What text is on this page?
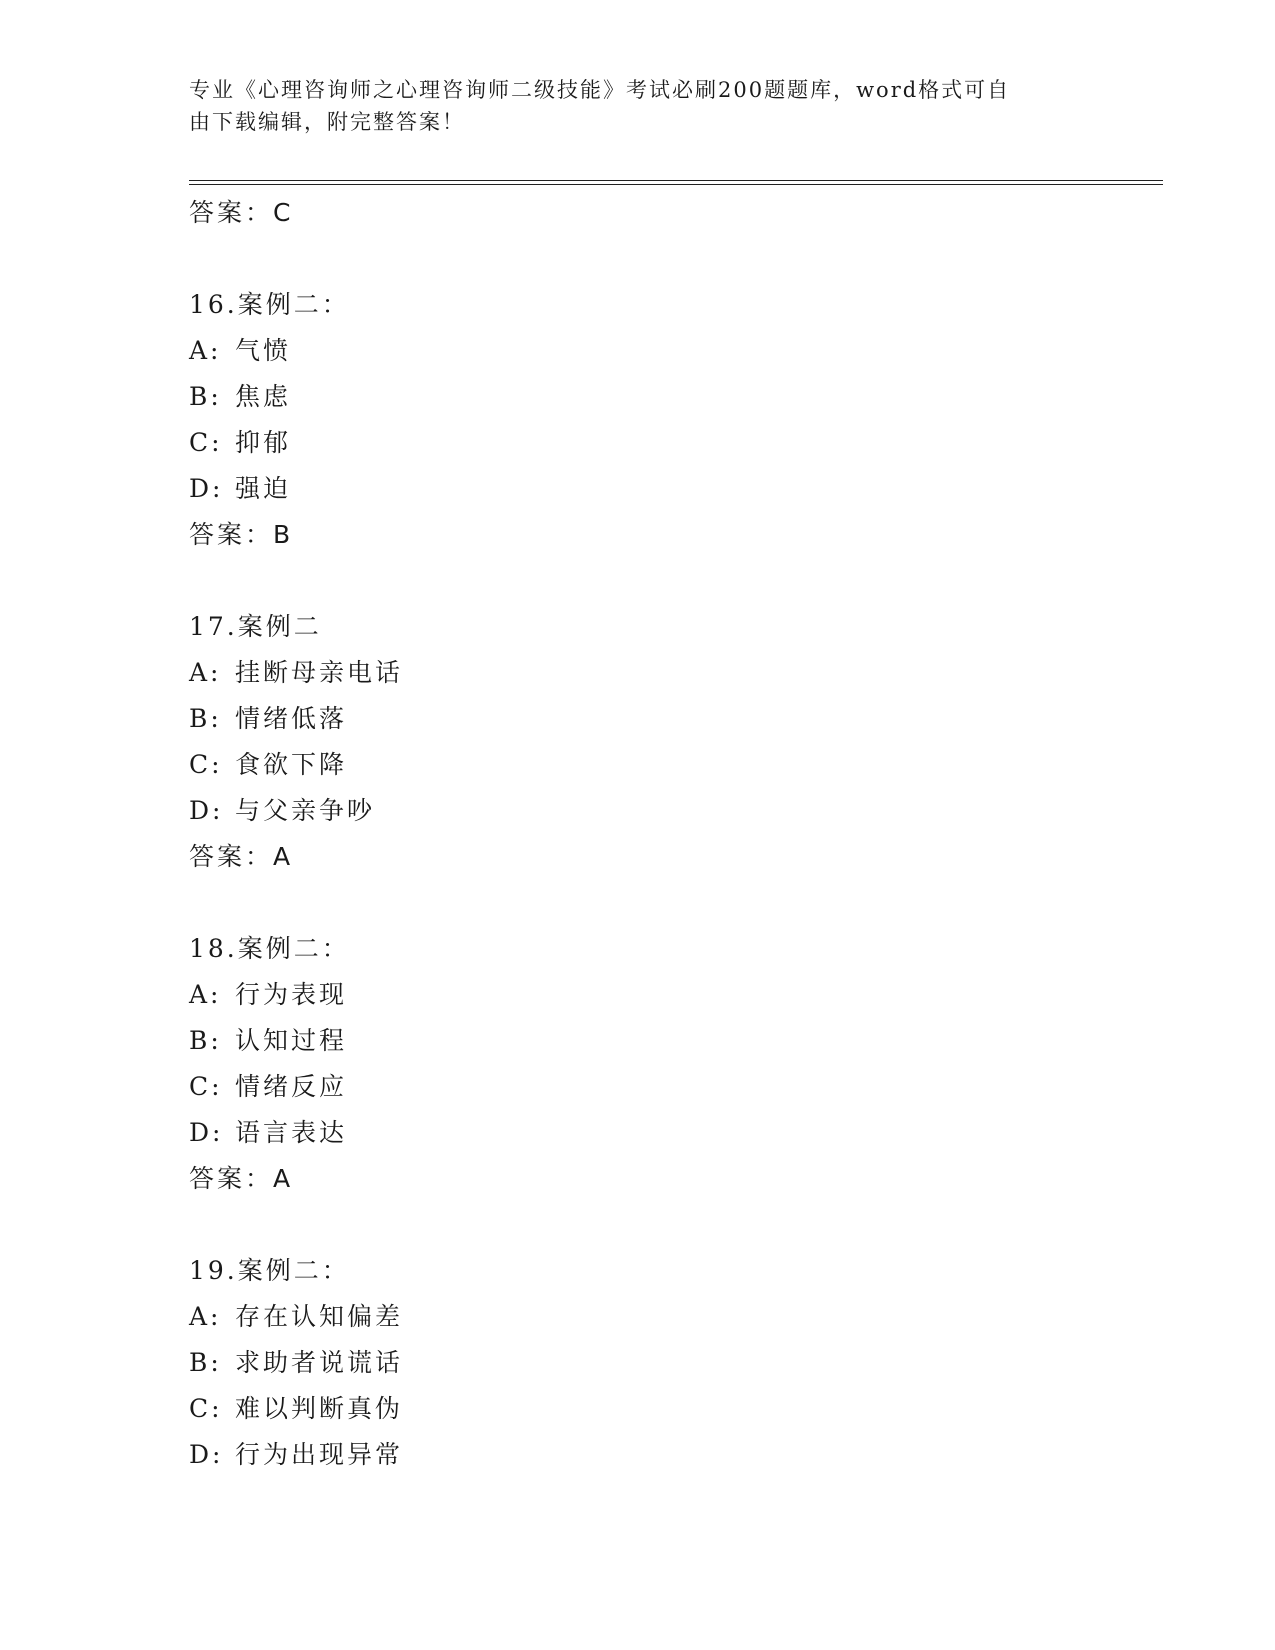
专业《心理咨询师之心理咨询师二级技能》考试必刷200题题库，word格式可自
由下载编辑，附完整答案！
答案：C
16.案例二：
A: 气愤
B: 焦虑
C: 抑郁
D: 强迫
答案：B
17.案例二
A: 挂断母亲电话
B: 情绪低落
C: 食欲下降
D: 与父亲争吵
答案：A
18.案例二：
A: 行为表现
B: 认知过程
C: 情绪反应
D: 语言表达
答案：A
19.案例二：
A: 存在认知偏差
B: 求助者说谎话
C: 难以判断真伪
D: 行为出现异常
